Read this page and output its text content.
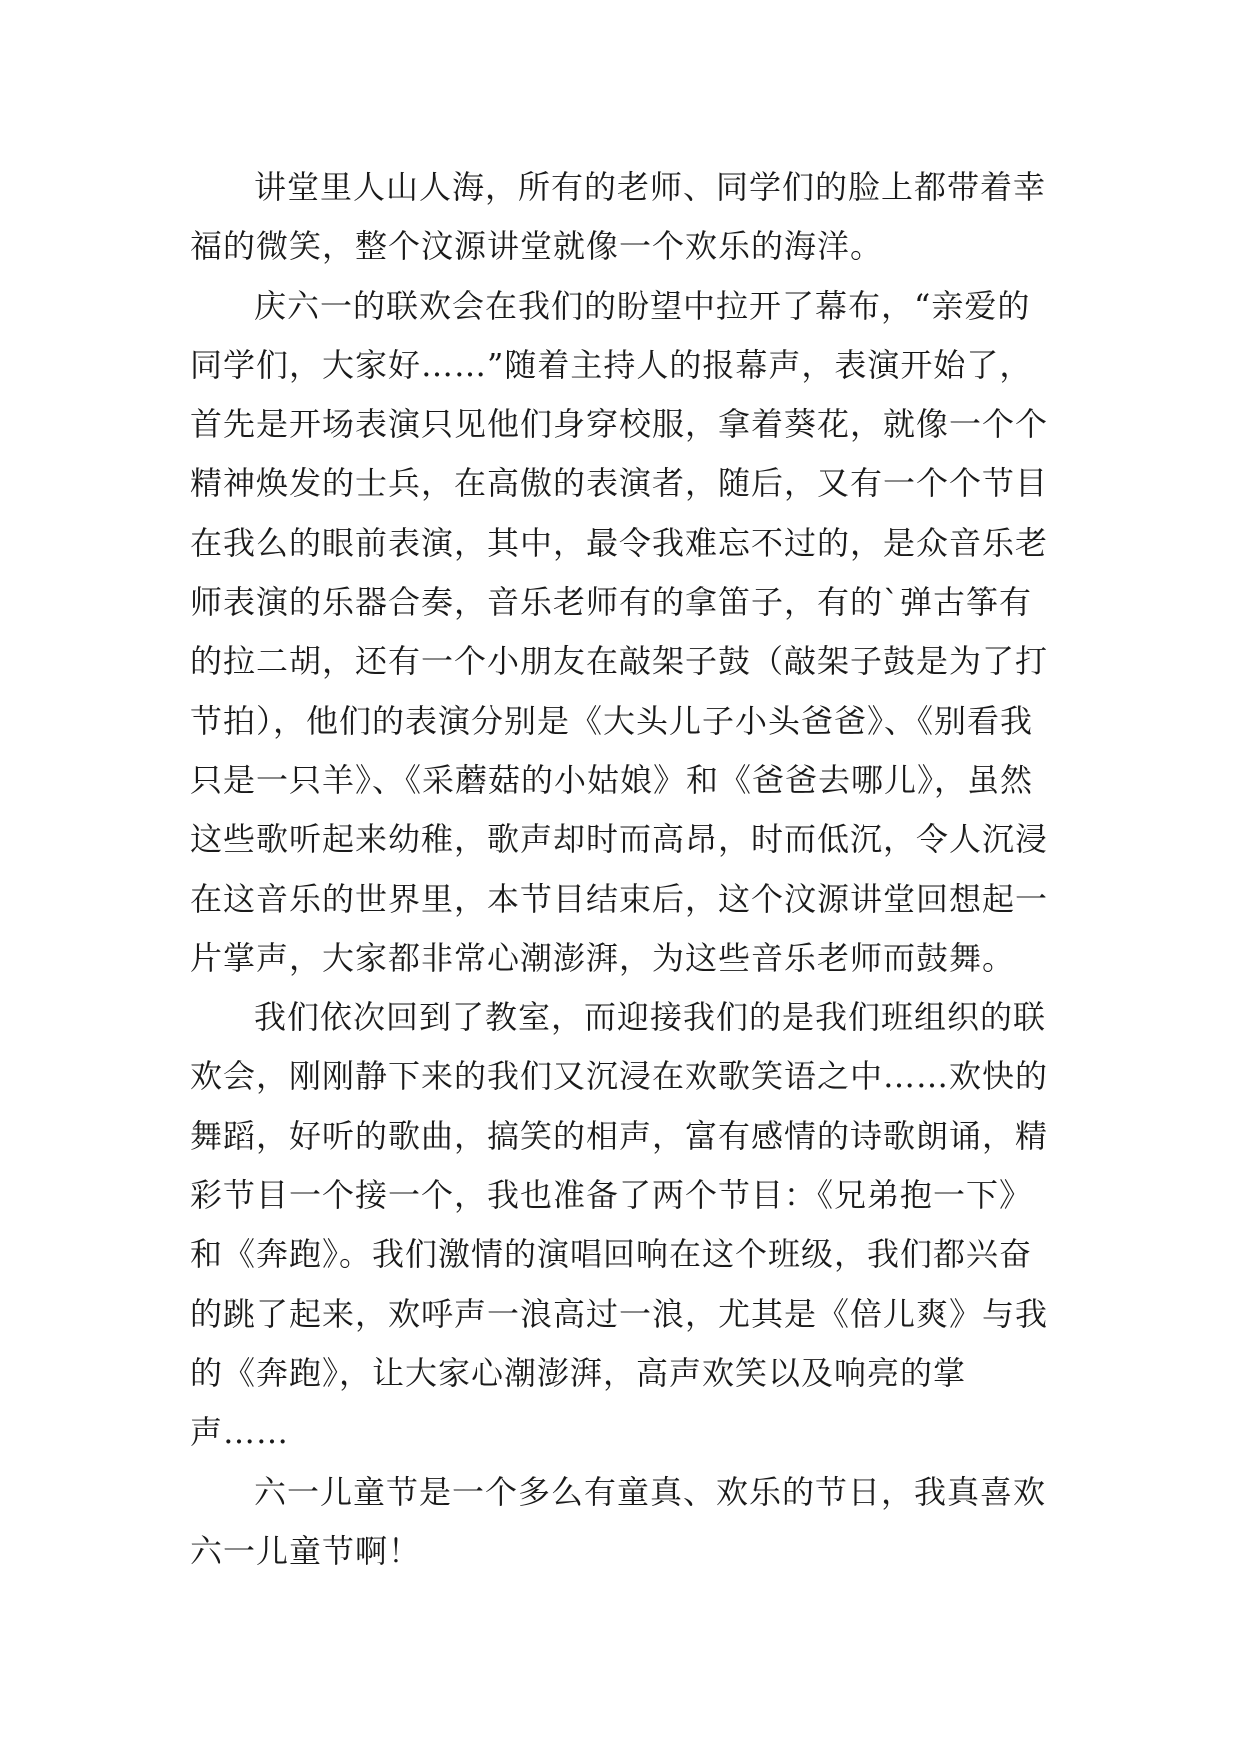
讲堂里人山人海，所有的老师、同学们的脸上都带着幸
福的微笑，整个汶源讲堂就像一个欢乐的海洋。
庆六一的联欢会在我们的盼望中拉开了幕布，“亲爱的
同学们，大家好……”随着主持人的报幕声，表演开始了，
首先是开场表演只见他们身穿校服，拿着葵花，就像一个个
精神焕发的士兵，在高傲的表演者，随后，又有一个个节目
在我么的眼前表演，其中，最令我难忘不过的，是众音乐老
师表演的乐器合奏，音乐老师有的拿笛子，有的`弹古筝有
的拉二胡，还有一个小朋友在敲架子鼓（敲架子鼓是为了打
节拍），他们的表演分别是《大头儿子小头爸爸》、《别看我
只是一只羊》、《采蘑菇的小姑娘》和《爸爸去哪儿》，虽然
这些歌听起来幼稚，歌声却时而高昂，时而低沉，令人沉浸
在这音乐的世界里，本节目结束后，这个汶源讲堂回想起一
片掌声，大家都非常心潮澎湃，为这些音乐老师而鼓舞。
我们依次回到了教室，而迎接我们的是我们班组织的联
欢会，刚刚静下来的我们又沉浸在欢歌笑语之中……欢快的
舞蹈，好听的歌曲，搞笑的相声，富有感情的诗歌朗诵，精
彩节目一个接一个，我也准备了两个节目：《兄弟抱一下》
和《奔跑》。我们激情的演唱回响在这个班级，我们都兴奋
的跳了起来，欢呼声一浪高过一浪，尤其是《倍儿爽》与我
的《奔跑》，让大家心潮澎湃，高声欢笑以及响亮的掌
声……
六一儿童节是一个多么有童真、欢乐的节日，我真喜欢
六一儿童节啊！
